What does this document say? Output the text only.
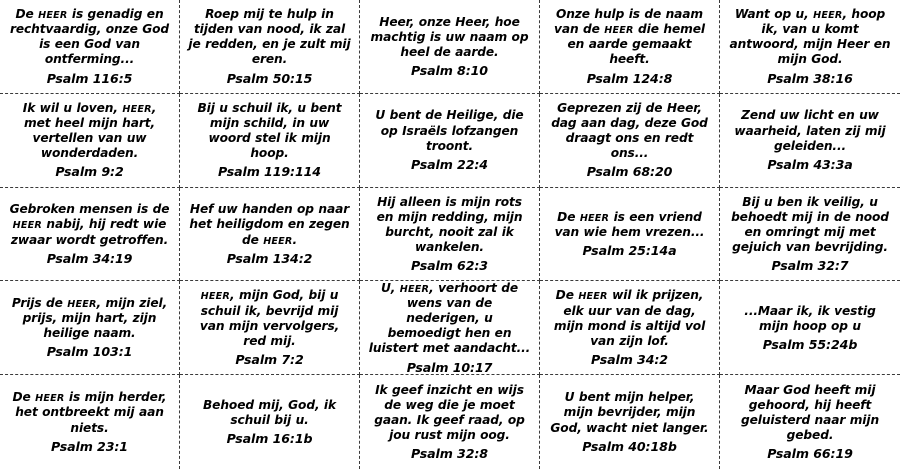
De HEER is genadig en rechtvaardig, onze God is een God van ontferming...

Psalm 116:5

Roep mij te hulp in tijden van nood, ik zal je redden, en je zult mij eren.

Psalm 50:15

Heer, onze Heer, hoe machtig is uw naam op heel de aarde.

Psalm 8:10

Onze hulp is de naam van de HEER die hemel en aarde gemaakt heeft.

Psalm 124:8

Want op u, HEER, hoop ik, van u komt antwoord, mijn Heer en mijn God.

Psalm 38:16

Ik wil u loven, HEER, met heel mijn hart, vertellen van uw wonderdaden.

Psalm 9:2

Bij u schuil ik, u bent mijn schild, in uw woord stel ik mijn hoop.

Psalm 119:114

U bent de Heilige, die op Israëls lofzangen troont.

Psalm 22:4

Geprezen zij de Heer, dag aan dag, deze God draagt ons en redt ons...

Psalm 68:20

Zend uw licht en uw waarheid, laten zij mij geleiden...

Psalm 43:3a

Gebroken mensen is de HEER nabij, hij redt wie zwaar wordt getroffen.

Psalm 34:19

Hef uw handen op naar het heiligdom en zegen de HEER.

Psalm 134:2

Hij alleen is mijn rots en mijn redding, mijn burcht, nooit zal ik wankelen.

Psalm 62:3

De HEER is een vriend van wie hem vrezen...

Psalm 25:14a

Bij u ben ik veilig, u behoedt mij in de nood en omringt mij met gejuich van bevrijding.

Psalm 32:7

Prijs de HEER, mijn ziel, prijs, mijn hart, zijn heilige naam.

Psalm 103:1

HEER, mijn God, bij u schuil ik, bevrijd mij van mijn vervolgers, red mij.

Psalm 7:2

U, HEER, verhoort de wens van de nederigen, u bemoedigt hen en luistert met aandacht...

Psalm 10:17

De HEER wil ik prijzen, elk uur van de dag, mijn mond is altijd vol van zijn lof.

Psalm 34:2

...Maar ik, ik vestig mijn hoop op u

Psalm 55:24b

De HEER is mijn herder, het ontbreekt mij aan niets.

Psalm 23:1

Behoed mij, God, ik schuil bij u.

Psalm 16:1b

Ik geef inzicht en wijs de weg die je moet gaan. Ik geef raad, op jou rust mijn oog.

Psalm 32:8

U bent mijn helper, mijn bevrijder, mijn God, wacht niet langer.

Psalm 40:18b

Maar God heeft mij gehoord, hij heeft geluisterd naar mijn gebed.

Psalm 66:19
